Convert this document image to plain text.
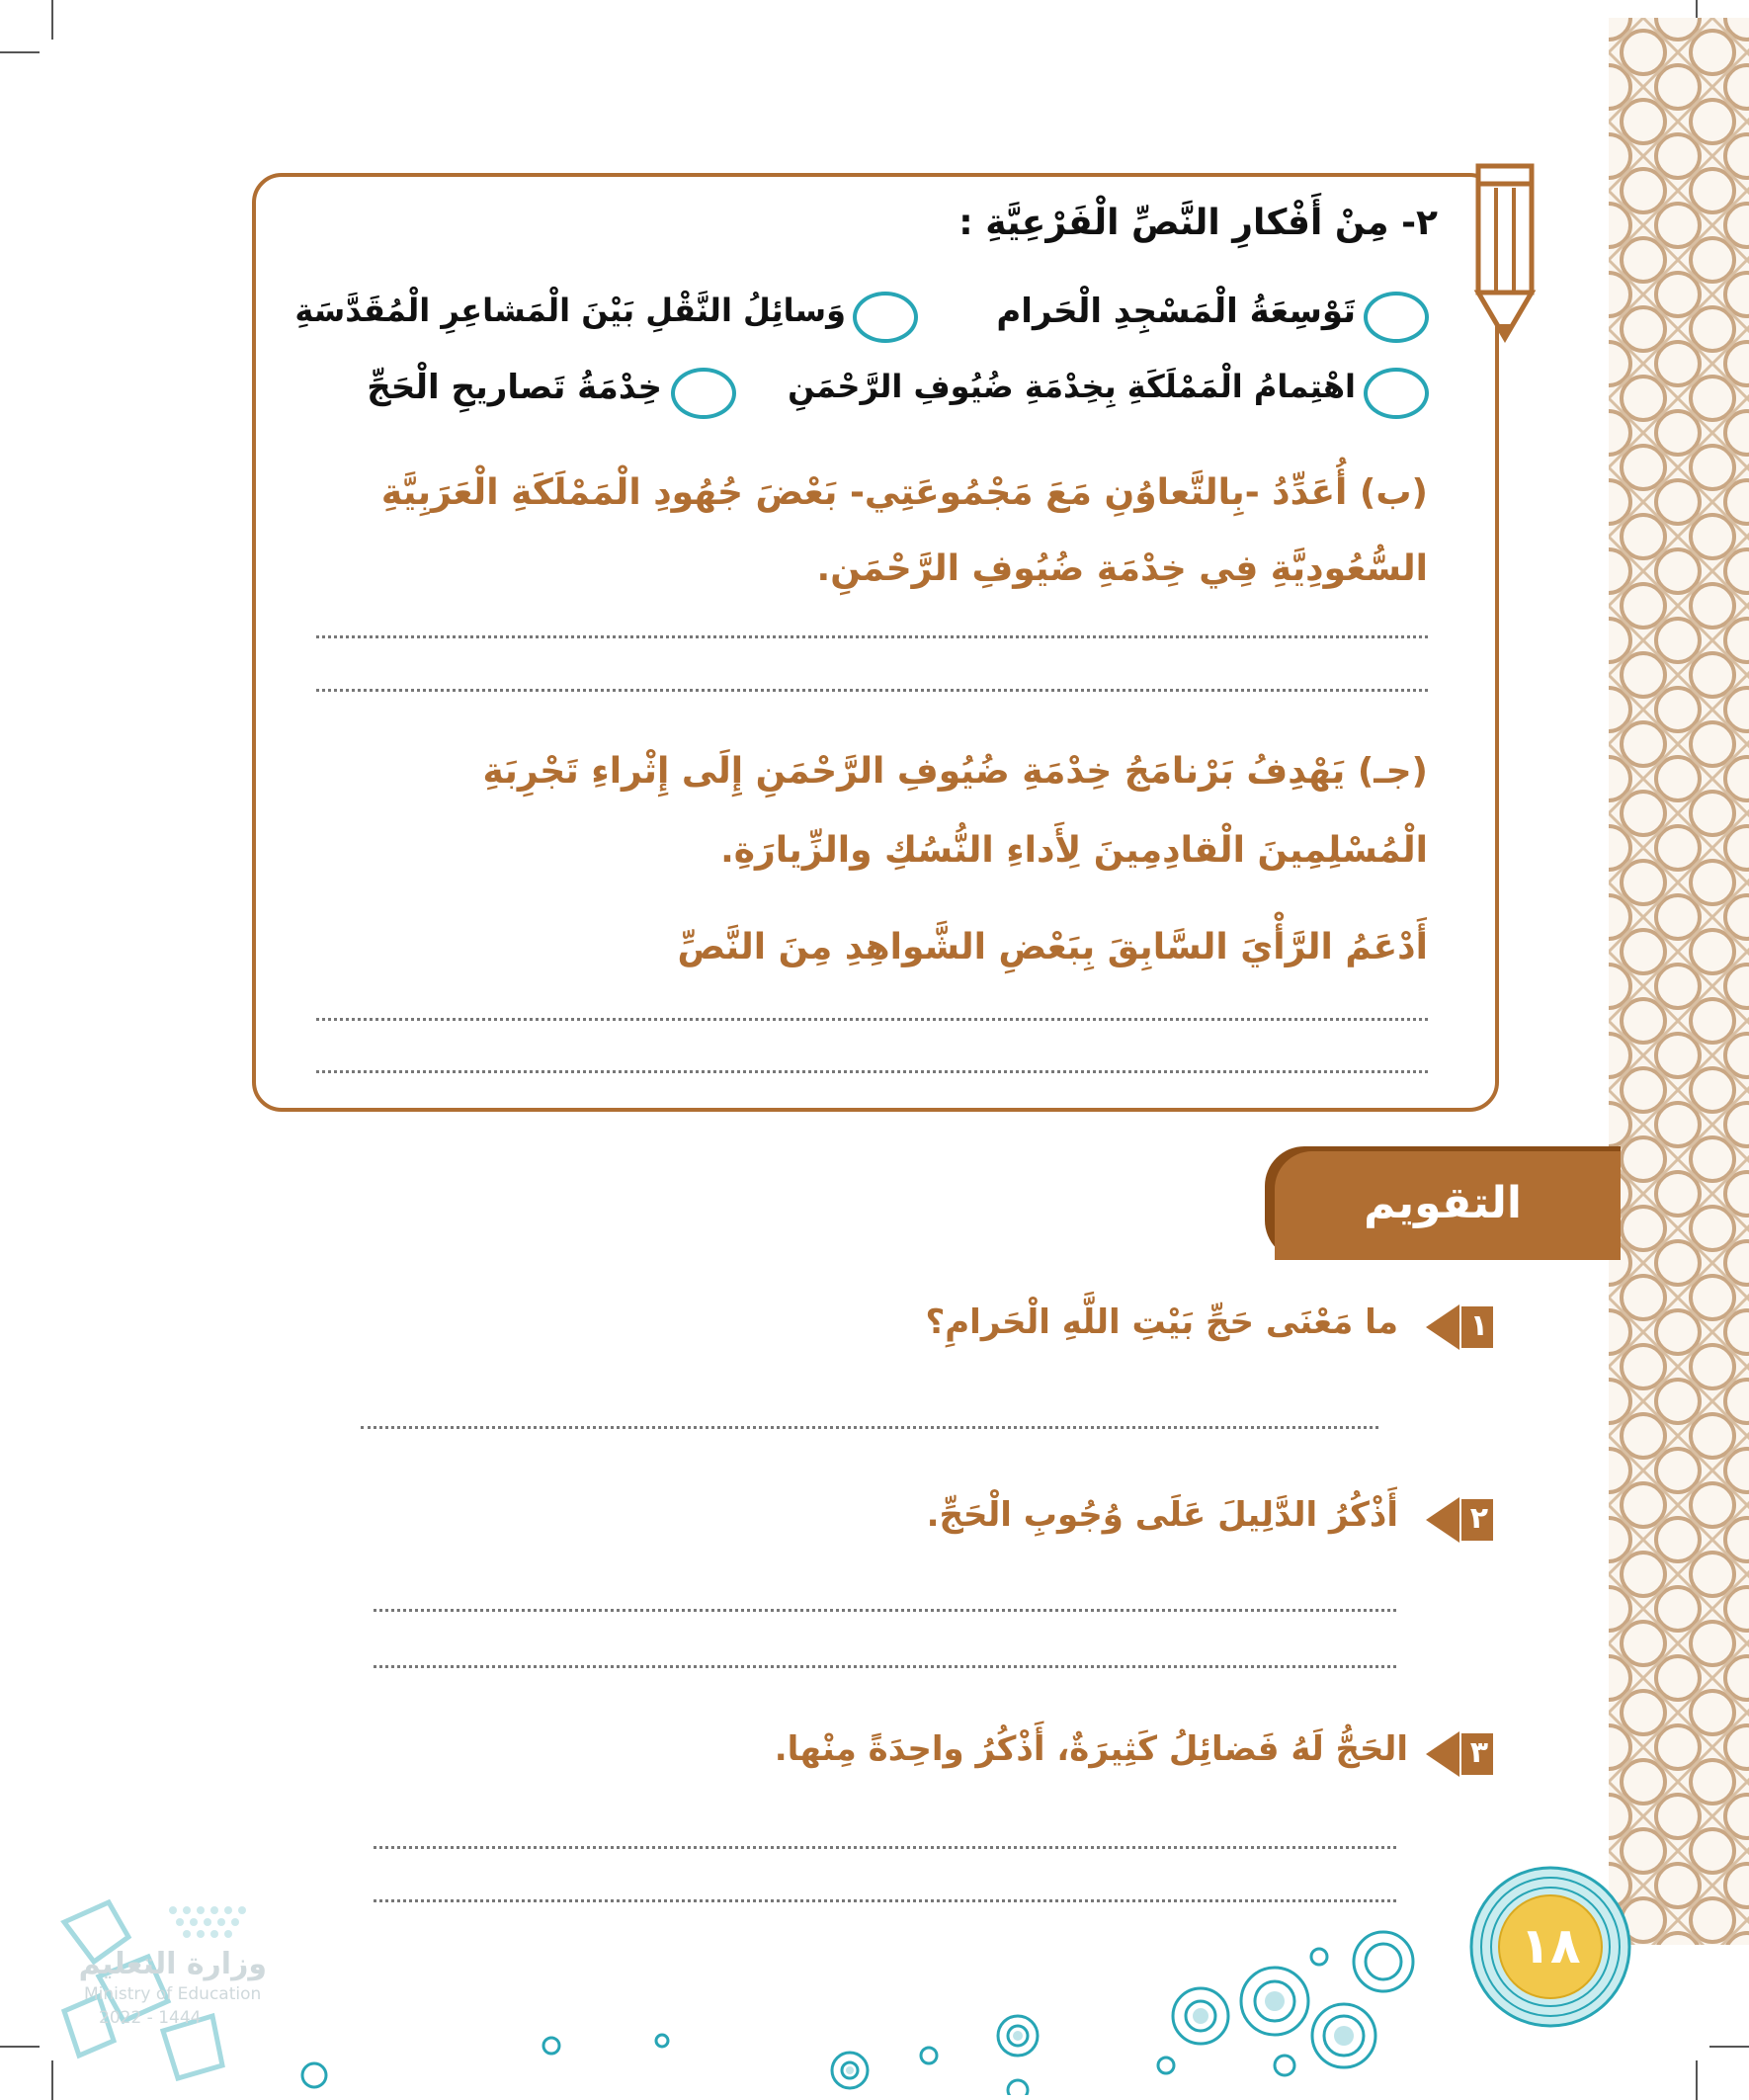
٢- مِنْ أَفْكارِ النَّصِّ الْفَرْعِيَّةِ :
تَوْسِعَةُ الْمَسْجِدِ الْحَرام
وَسائِلُ النَّقْلِ بَيْنَ الْمَشاعِرِ الْمُقَدَّسَةِ
اهْتِمامُ الْمَمْلَكَةِ بِخِدْمَةِ ضُيُوفِ الرَّحْمَنِ
خِدْمَةُ تَصاريحِ الْحَجِّ
(ب) أُعَدِّدُ -بِالتَّعاوُنِ مَعَ مَجْمُوعَتِي- بَعْضَ جُهُودِ الْمَمْلَكَةِ الْعَرَبِيَّةِ
السُّعُودِيَّةِ فِي خِدْمَةِ ضُيُوفِ الرَّحْمَنِ.
(جـ) يَهْدِفُ بَرْنامَجُ خِدْمَةِ ضُيُوفِ الرَّحْمَنِ إِلَى إِثْراءِ تَجْرِبَةِ
الْمُسْلِمِينَ الْقادِمِينَ لِأَداءِ النُّسُكِ والزِّيارَةِ.
أَدْعَمُ الرَّأْيَ السَّابِقَ بِبَعْضِ الشَّواهِدِ مِنَ النَّصِّ
التقويم
١
ما مَعْنَى حَجِّ بَيْتِ اللَّهِ الْحَرامِ؟
٢
أَذْكُرُ الدَّلِيلَ عَلَى وُجُوبِ الْحَجِّ.
٣
الحَجُّ لَهُ فَضائِلُ كَثِيرَةٌ، أَذْكُرُ واحِدَةً مِنْها.
١٨
وزارة التعليم
Ministry of Education
2022 - 1444
